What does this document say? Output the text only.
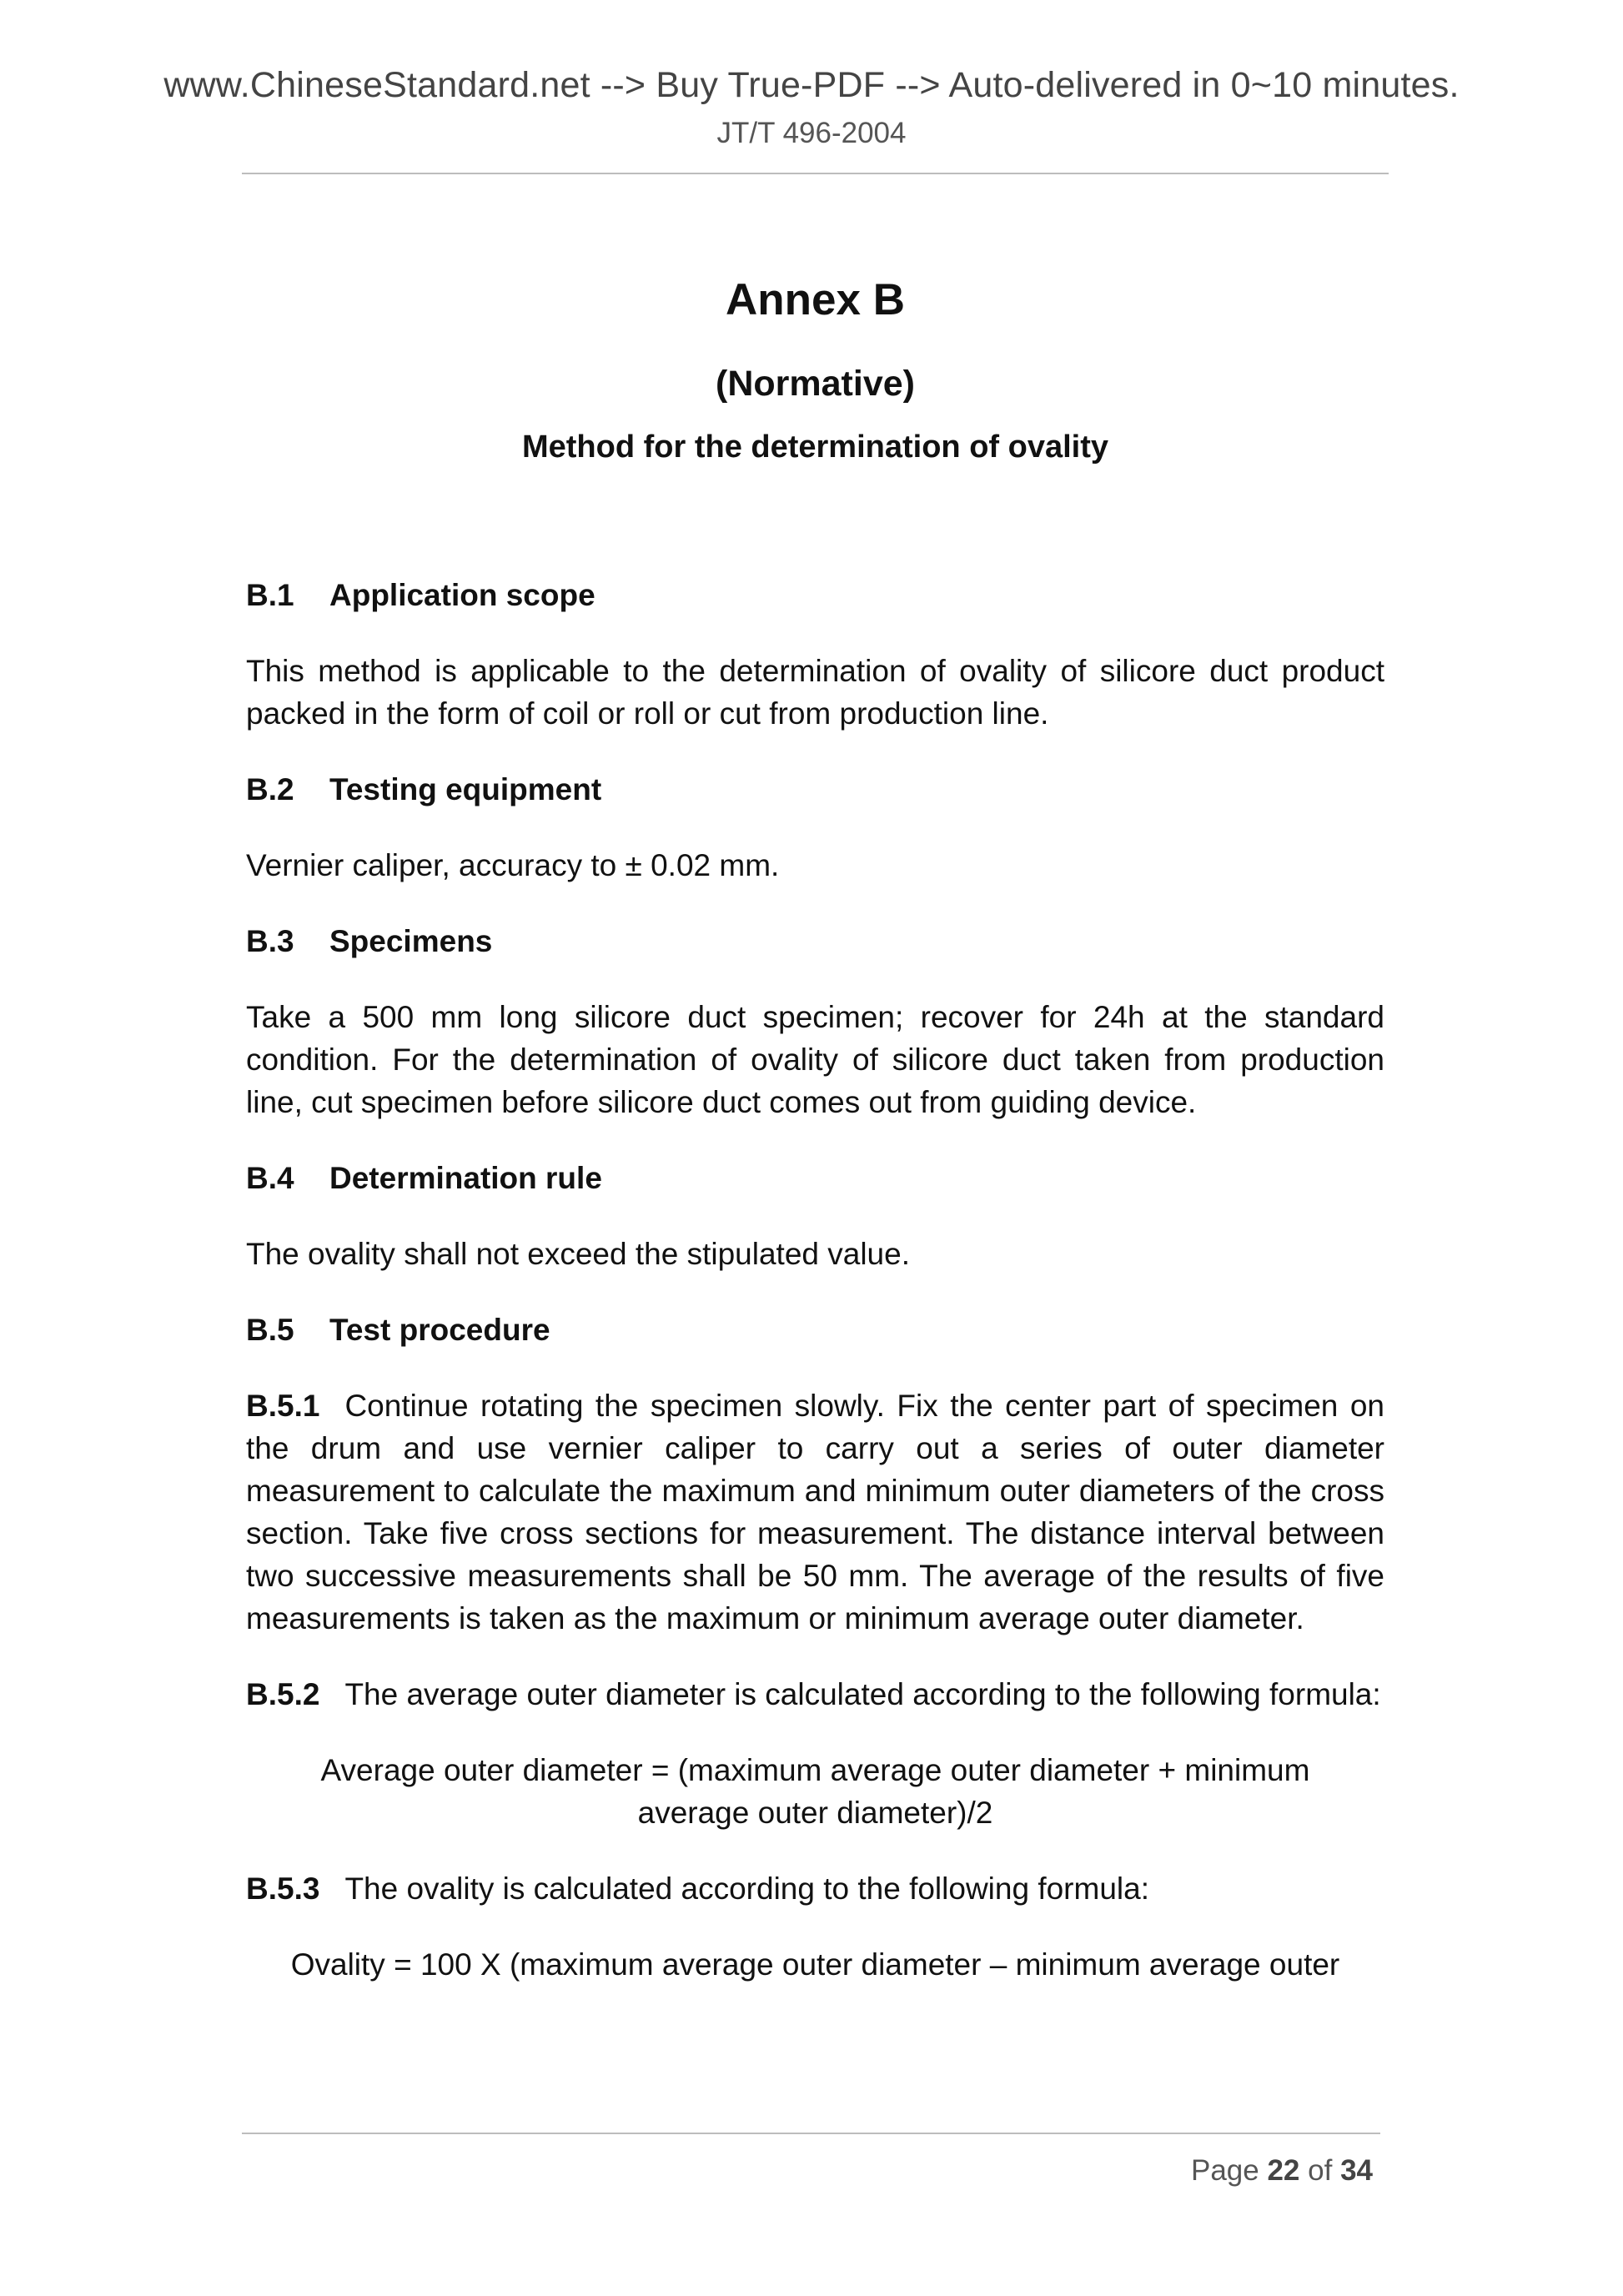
www.ChineseStandard.net --> Buy True-PDF --> Auto-delivered in 0~10 minutes.
JT/T 496-2004
Annex B
(Normative)
Method for the determination of ovality
B.1 Application scope

This method is applicable to the determination of ovality of silicore duct product packed in the form of coil or roll or cut from production line.

B.2 Testing equipment

Vernier caliper, accuracy to ± 0.02 mm.

B.3 Specimens

Take a 500 mm long silicore duct specimen; recover for 24h at the standard condition. For the determination of ovality of silicore duct taken from production line, cut specimen before silicore duct comes out from guiding device.

B.4 Determination rule

The ovality shall not exceed the stipulated value.

B.5 Test procedure

B.5.1 Continue rotating the specimen slowly. Fix the center part of specimen on the drum and use vernier caliper to carry out a series of outer diameter measurement to calculate the maximum and minimum outer diameters of the cross section. Take five cross sections for measurement. The distance interval between two successive measurements shall be 50 mm. The average of the results of five measurements is taken as the maximum or minimum average outer diameter.

B.5.2 The average outer diameter is calculated according to the following formula:

Average outer diameter = (maximum average outer diameter + minimum
average outer diameter)/2

B.5.3 The ovality is calculated according to the following formula:

Ovality = 100 X (maximum average outer diameter – minimum average outer

Page 22 of 34
